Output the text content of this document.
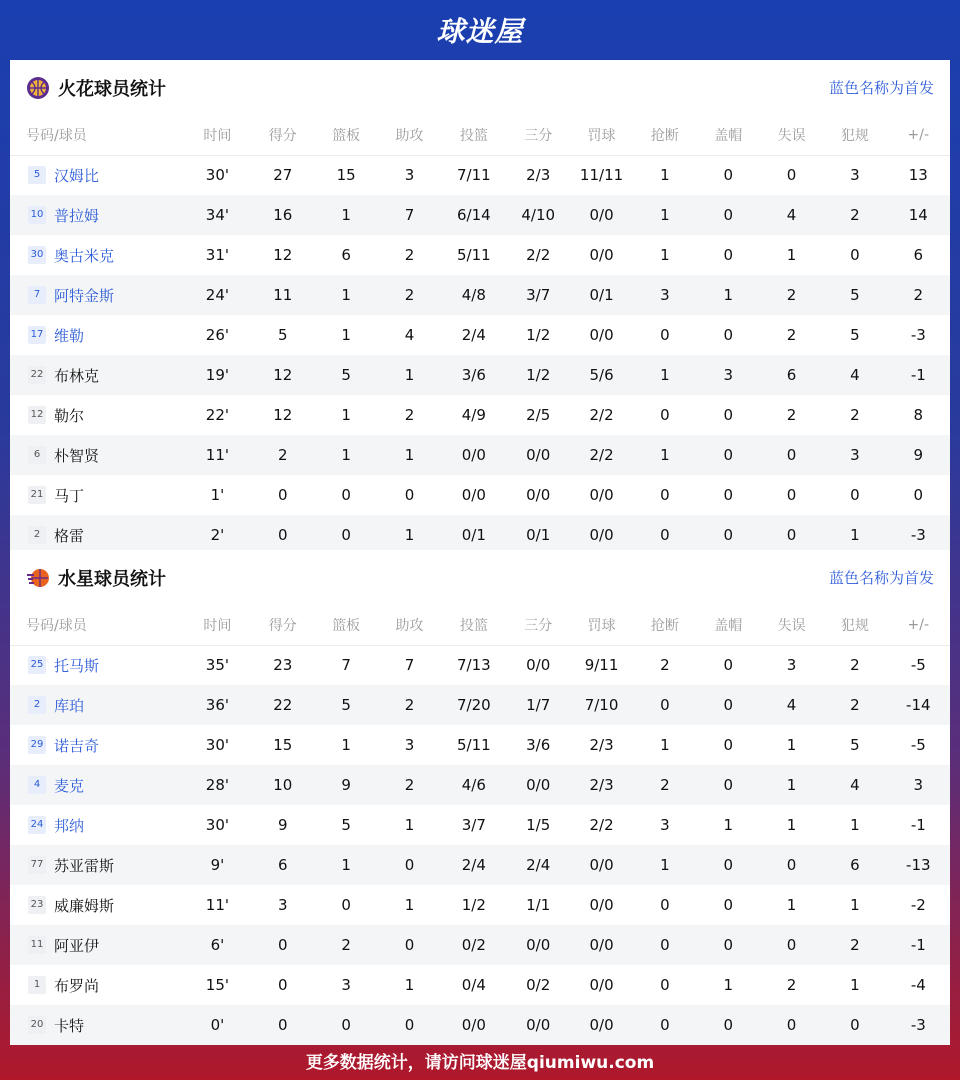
球迷屋
火花球员统计	蓝色名称为首发
号码/球员	时间	得分	篮板	助攻	投篮	三分	罚球	抢断	盖帽	失误	犯规	+/-
5 汉姆比	30'	27	15	3	7/11	2/3	11/11	1	0	0	3	13
10 普拉姆	34'	16	1	7	6/14	4/10	0/0	1	0	4	2	14
30 奥古米克	31'	12	6	2	5/11	2/2	0/0	1	0	1	0	6
7 阿特金斯	24'	11	1	2	4/8	3/7	0/1	3	1	2	5	2
17 维勒	26'	5	1	4	2/4	1/2	0/0	0	0	2	5	-3
22 布林克	19'	12	5	1	3/6	1/2	5/6	1	3	6	4	-1
12 勒尔	22'	12	1	2	4/9	2/5	2/2	0	0	2	2	8
6 朴智贤	11'	2	1	1	0/0	0/0	2/2	1	0	0	3	9
21 马丁	1'	0	0	0	0/0	0/0	0/0	0	0	0	0	0
2 格雷	2'	0	0	1	0/1	0/1	0/0	0	0	0	1	-3
水星球员统计	蓝色名称为首发
号码/球员	时间	得分	篮板	助攻	投篮	三分	罚球	抢断	盖帽	失误	犯规	+/-
25 托马斯	35'	23	7	7	7/13	0/0	9/11	2	0	3	2	-5
2 库珀	36'	22	5	2	7/20	1/7	7/10	0	0	4	2	-14
29 诺吉奇	30'	15	1	3	5/11	3/6	2/3	1	0	1	5	-5
4 麦克	28'	10	9	2	4/6	0/0	2/3	2	0	1	4	3
24 邦纳	30'	9	5	1	3/7	1/5	2/2	3	1	1	1	-1
77 苏亚雷斯	9'	6	1	0	2/4	2/4	0/0	1	0	0	6	-13
23 威廉姆斯	11'	3	0	1	1/2	1/1	0/0	0	0	1	1	-2
11 阿亚伊	6'	0	2	0	0/2	0/0	0/0	0	0	0	2	-1
1 布罗尚	15'	0	3	1	0/4	0/2	0/0	0	1	2	1	-4
20 卡特	0'	0	0	0	0/0	0/0	0/0	0	0	0	0	-3
更多数据统计，请访问球迷屋qiumiwu.com
